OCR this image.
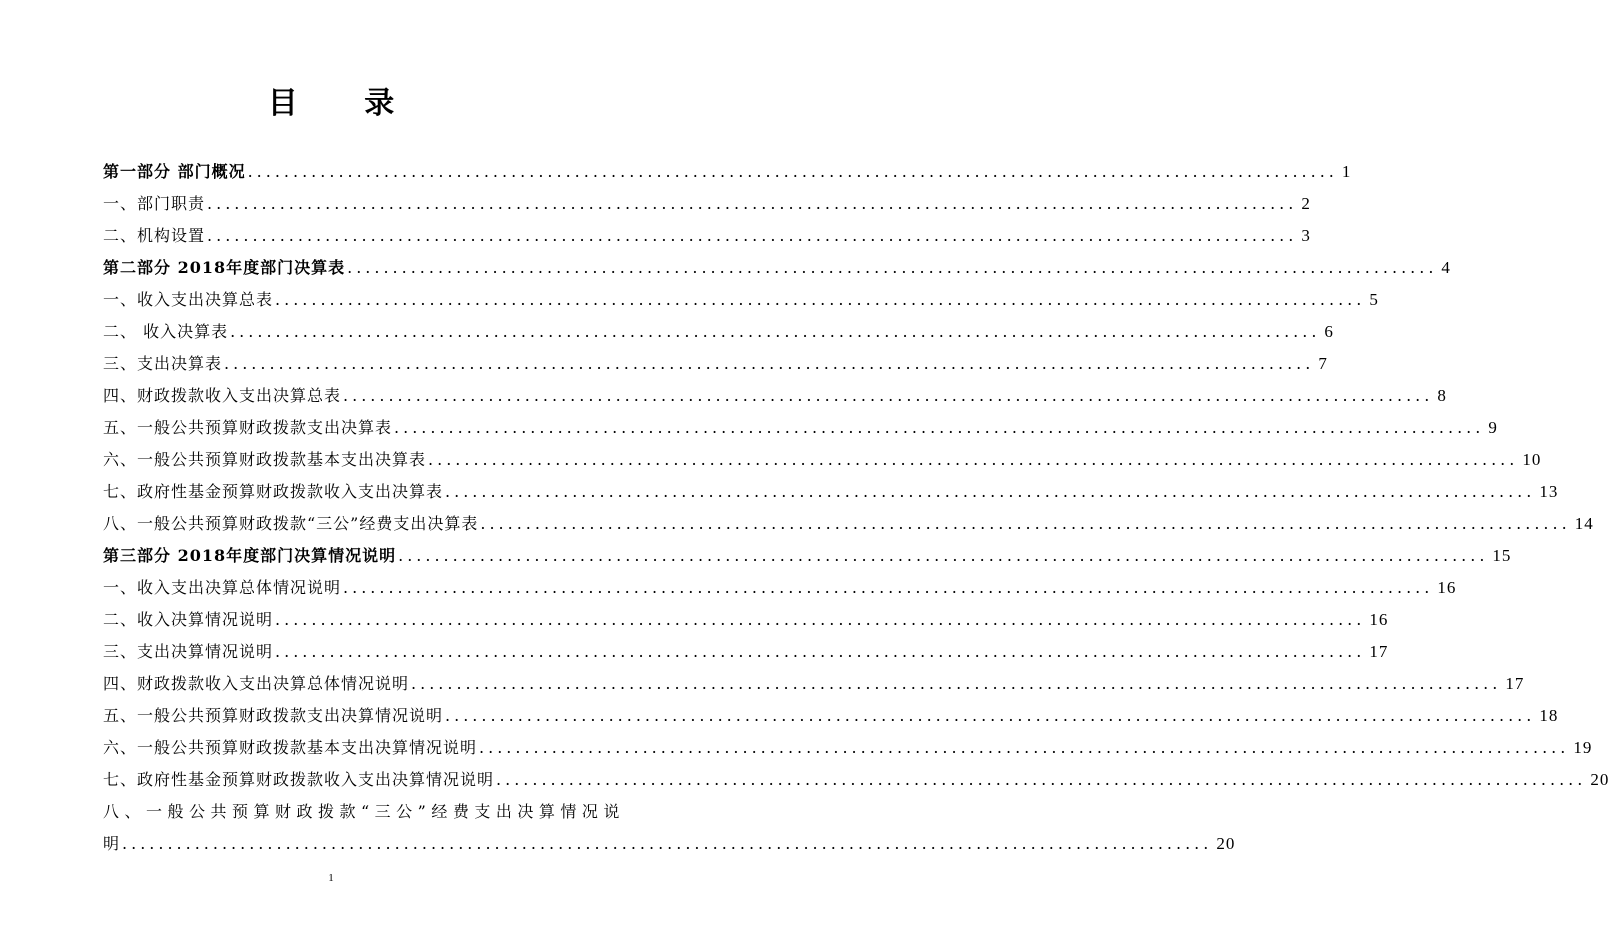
目 录
第一部分 部门概况 ........................................................................................................................ 1
一、部门职责 ........................................................................................................................ 2
二、机构设置 ........................................................................................................................ 3
第二部分 2018年度部门决算表 ........................................................................................................................ 4
一、收入支出决算总表 ........................................................................................................................ 5
二、 收入决算表 ........................................................................................................................ 6
三、支出决算表 ........................................................................................................................ 7
四、财政拨款收入支出决算总表 ........................................................................................................................ 8
五、一般公共预算财政拨款支出决算表 ........................................................................................................................ 9
六、一般公共预算财政拨款基本支出决算表 ........................................................................................................................ 10
七、政府性基金预算财政拨款收入支出决算表 ........................................................................................................................ 13
八、一般公共预算财政拨款“三公”经费支出决算表 ........................................................................................................................ 14
第三部分 2018年度部门决算情况说明 ........................................................................................................................ 15
一、收入支出决算总体情况说明 ........................................................................................................................ 16
二、收入决算情况说明 ........................................................................................................................ 16
三、支出决算情况说明 ........................................................................................................................ 17
四、财政拨款收入支出决算总体情况说明 ........................................................................................................................ 17
五、一般公共预算财政拨款支出决算情况说明 ........................................................................................................................ 18
六、一般公共预算财政拨款基本支出决算情况说明 ........................................................................................................................ 19
七、政府性基金预算财政拨款收入支出决算情况说明 ........................................................................................................................ 20
八、一般公共预算财政拨款“三公”经费支出决算情况说
明 ........................................................................................................................ 20
1
